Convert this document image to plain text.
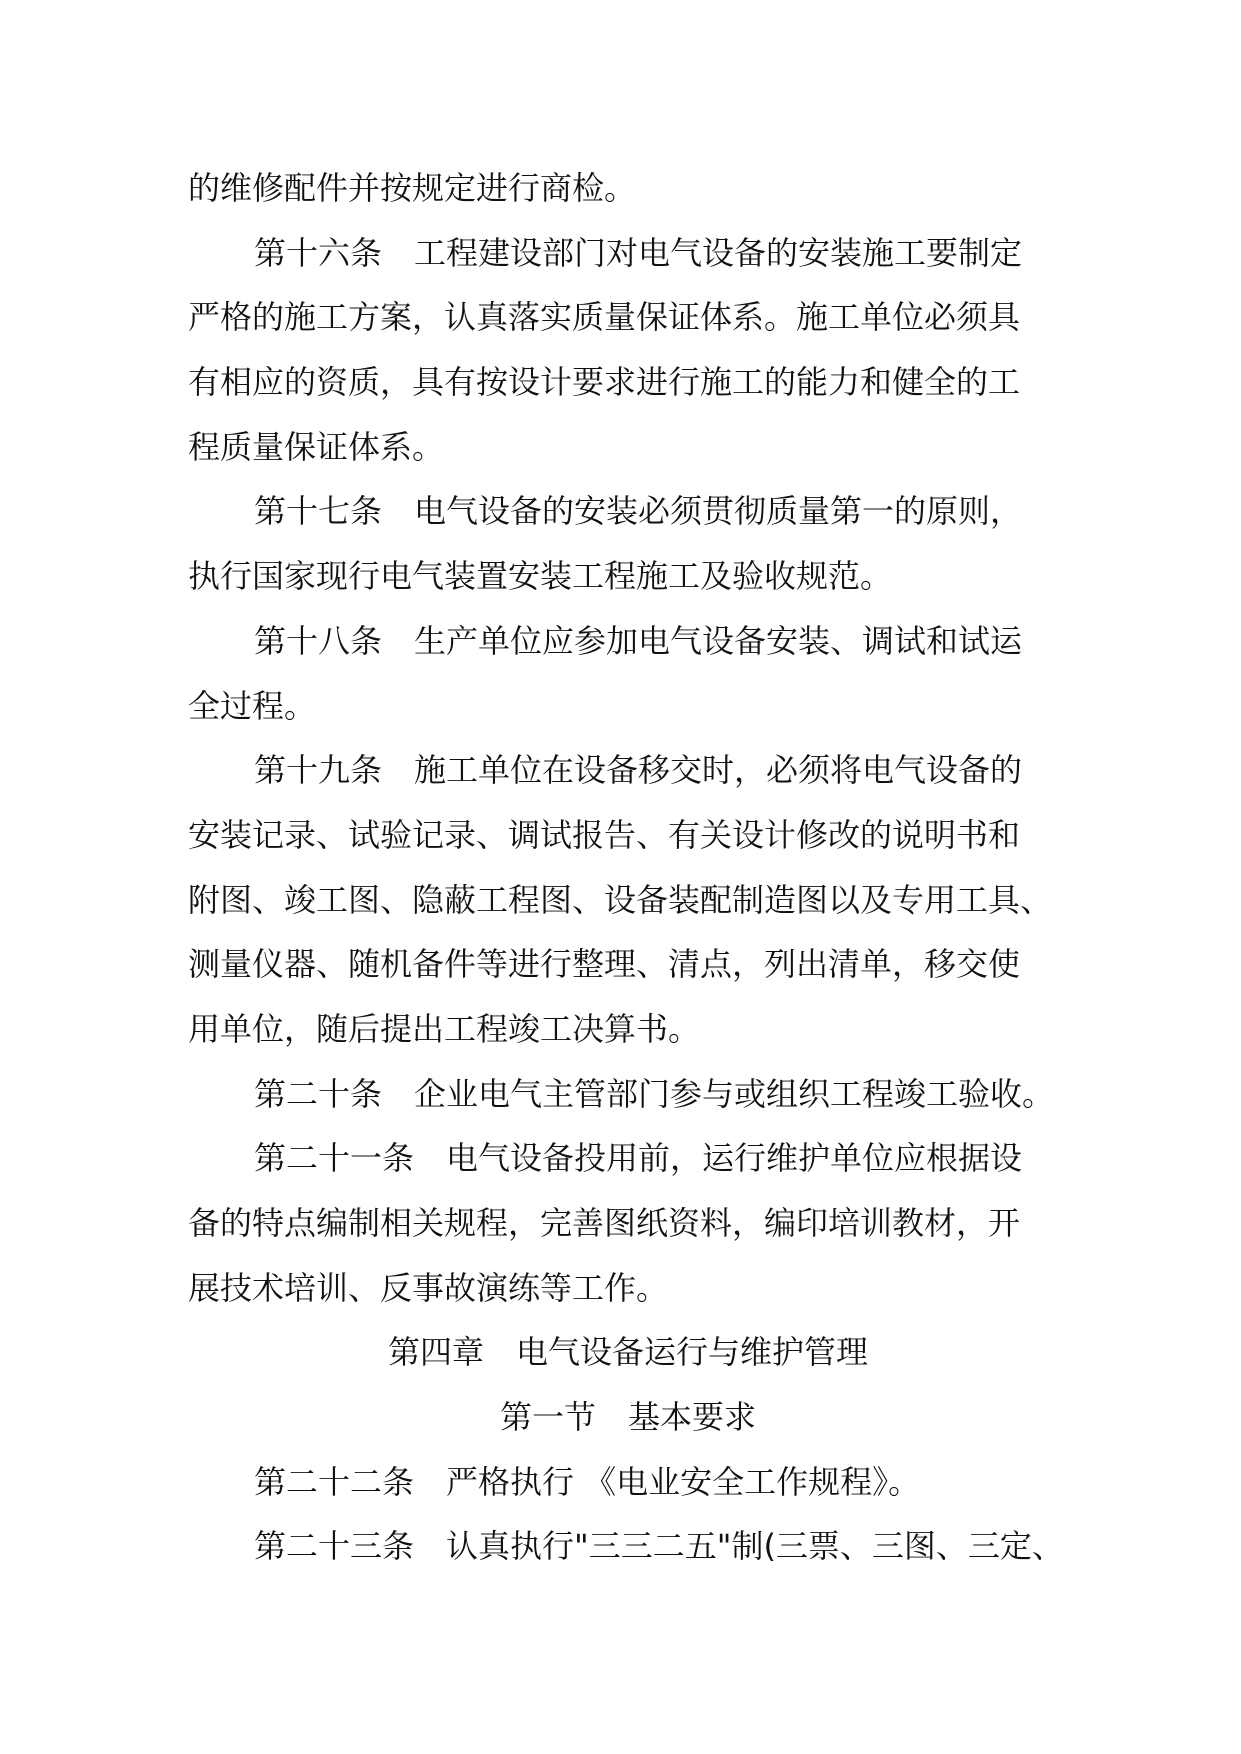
的维修配件并按规定进行商检。
第十六条　工程建设部门对电气设备的安装施工要制定
严格的施工方案，认真落实质量保证体系。施工单位必须具
有相应的资质，具有按设计要求进行施工的能力和健全的工
程质量保证体系。
第十七条　电气设备的安装必须贯彻质量第一的原则，
执行国家现行电气装置安装工程施工及验收规范。
第十八条　生产单位应参加电气设备安装、调试和试运
全过程。
第十九条　施工单位在设备移交时，必须将电气设备的
安装记录、试验记录、调试报告、有关设计修改的说明书和
附图、竣工图、隐蔽工程图、设备装配制造图以及专用工具、
测量仪器、随机备件等进行整理、清点，列出清单，移交使
用单位，随后提出工程竣工决算书。
第二十条　企业电气主管部门参与或组织工程竣工验收。
第二十一条　电气设备投用前，运行维护单位应根据设
备的特点编制相关规程，完善图纸资料，编印培训教材，开
展技术培训、反事故演练等工作。
第四章　电气设备运行与维护管理
第一节　基本要求
第二十二条　严格执行 《电业安全工作规程》。
第二十三条　认真执行"三三二五"制(三票、三图、三定、
